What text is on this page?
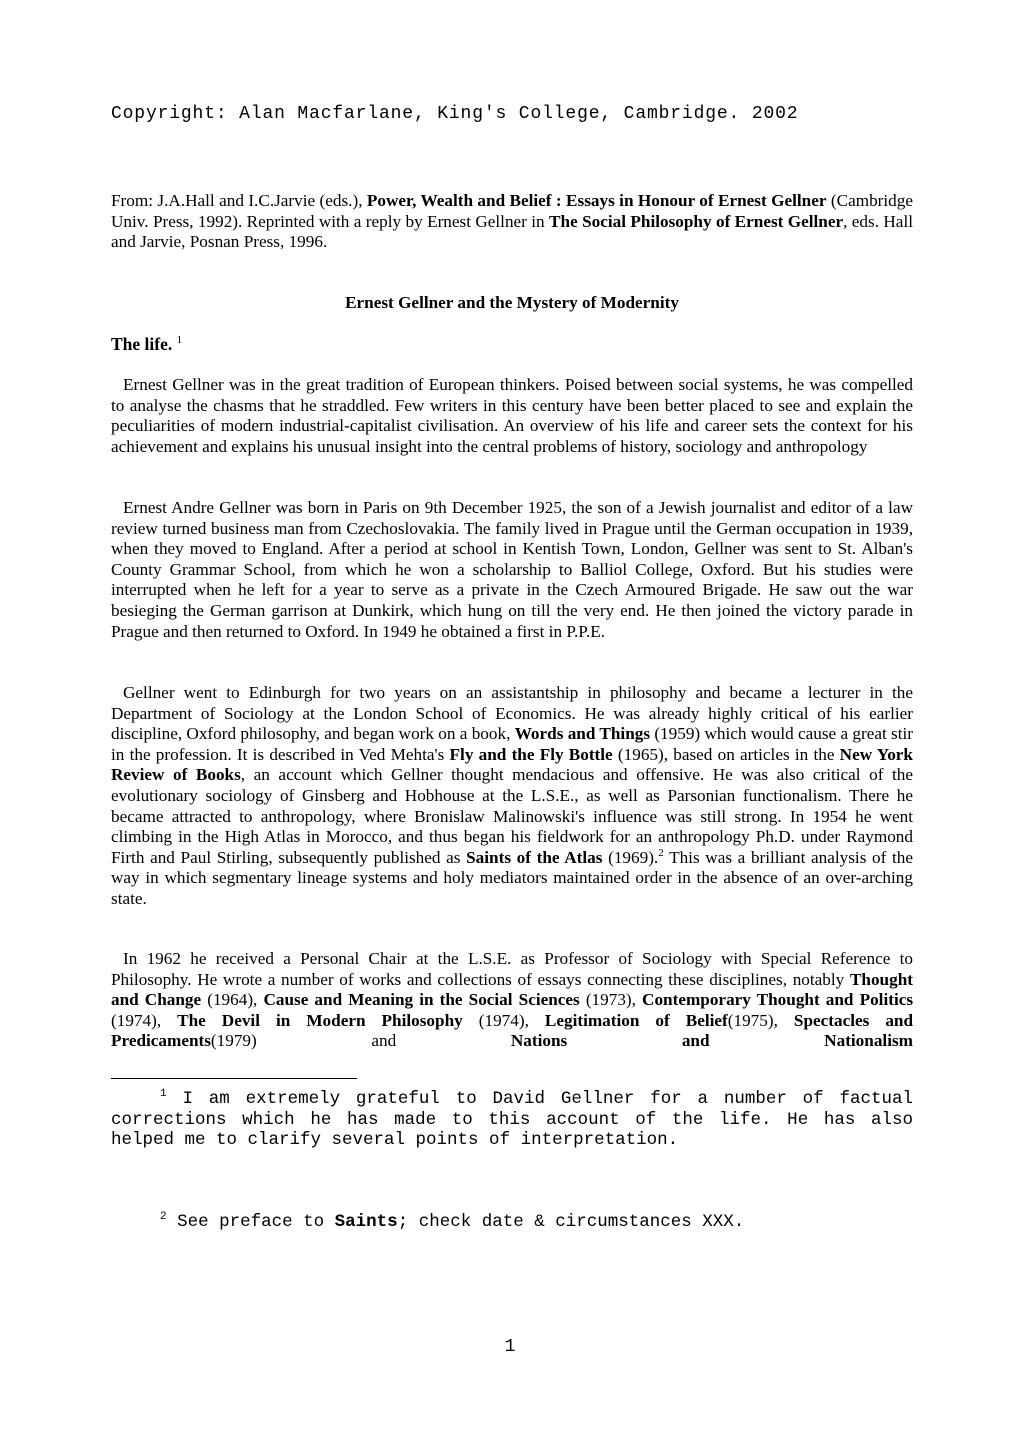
Copyright: Alan Macfarlane, King's College, Cambridge. 2002
From: J.A.Hall and I.C.Jarvie (eds.), Power, Wealth and Belief : Essays in Honour of Ernest Gellner (Cambridge Univ. Press, 1992). Reprinted with a reply by Ernest Gellner in The Social Philosophy of Ernest Gellner, eds. Hall and Jarvie, Posnan Press, 1996.
Ernest Gellner and the Mystery of Modernity
The life. $^1$
Ernest Gellner was in the great tradition of European thinkers. Poised between social systems, he was compelled to analyse the chasms that he straddled. Few writers in this century have been better placed to see and explain the peculiarities of modern industrial-capitalist civilisation. An overview of his life and career sets the context for his achievement and explains his unusual insight into the central problems of history, sociology and anthropology
Ernest Andre Gellner was born in Paris on 9th December 1925, the son of a Jewish journalist and editor of a law review turned business man from Czechoslovakia. The family lived in Prague until the German occupation in 1939, when they moved to England. After a period at school in Kentish Town, London, Gellner was sent to St. Alban's County Grammar School, from which he won a scholarship to Balliol College, Oxford. But his studies were interrupted when he left for a year to serve as a private in the Czech Armoured Brigade. He saw out the war besieging the German garrison at Dunkirk, which hung on till the very end. He then joined the victory parade in Prague and then returned to Oxford. In 1949 he obtained a first in P.P.E.
Gellner went to Edinburgh for two years on an assistantship in philosophy and became a lecturer in the Department of Sociology at the London School of Economics. He was already highly critical of his earlier discipline, Oxford philosophy, and began work on a book, Words and Things (1959) which would cause a great stir in the profession. It is described in Ved Mehta's Fly and the Fly Bottle (1965), based on articles in the New York Review of Books, an account which Gellner thought mendacious and offensive. He was also critical of the evolutionary sociology of Ginsberg and Hobhouse at the L.S.E., as well as Parsonian functionalism. There he became attracted to anthropology, where Bronislaw Malinowski's influence was still strong. In 1954 he went climbing in the High Atlas in Morocco, and thus began his fieldwork for an anthropology Ph.D. under Raymond Firth and Paul Stirling, subsequently published as Saints of the Atlas (1969).$^2$ This was a brilliant analysis of the way in which segmentary lineage systems and holy mediators maintained order in the absence of an over-arching state.
In 1962 he received a Personal Chair at the L.S.E. as Professor of Sociology with Special Reference to Philosophy. He wrote a number of works and collections of essays connecting these disciplines, notably Thought and Change (1964), Cause and Meaning in the Social Sciences (1973), Contemporary Thought and Politics (1974), The Devil in Modern Philosophy (1974), Legitimation of Belief(1975), Spectacles and Predicaments(1979) and	Nations and Nationalism
$^1$ I am extremely grateful to David Gellner for a number of factual corrections which he has made to this account of the life. He has also helped me to clarify several points of interpretation.
$^2$ See preface to Saints; check date & circumstances XXX.
1
